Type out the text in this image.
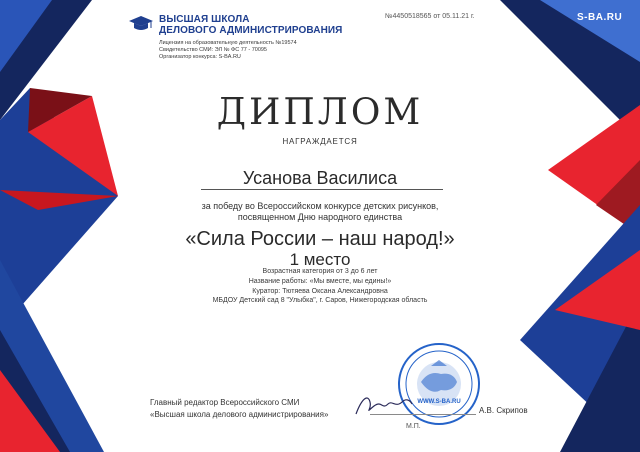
ВЫСШАЯ ШКОЛА
ДЕЛОВОГО АДМИНИСТРИРОВАНИЯ
Лицензия на образовательную деятельность №19574
Свидетельство СМИ: ЭЛ № ФС 77 - 70095
Организатор конкурса: S-BA.RU
№4450518565 от 05.11.21 г.	S-BA.RU
ДИПЛОМ
НАГРАЖДАЕТСЯ
Усанова Василиса
за победу во Всероссийском конкурсе детских рисунков,
посвященном Дню народного единства
«Сила России – наш народ!»
1 место
Возрастная категория от 3 до 6 лет
Название работы: «Мы вместе, мы едины!»
Куратор: Тютяева Оксана Александровна
МБДОУ Детский сад 8 "Улыбка", г. Саров, Нижегородская область
Главный редактор Всероссийского СМИ
«Высшая школа делового администрирования»
WWW.S-BA.RU
А.В. Скрипов
М.П.
